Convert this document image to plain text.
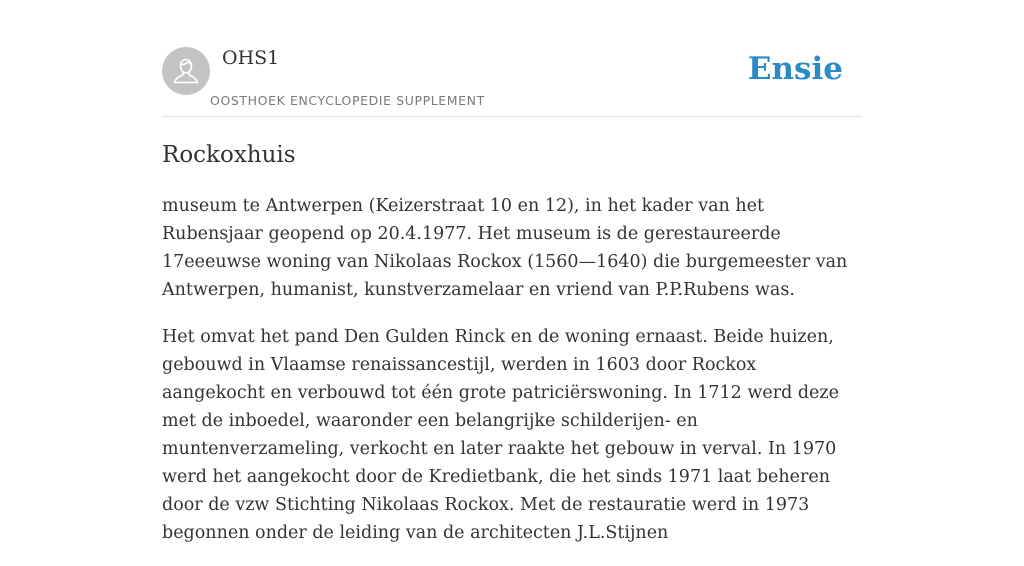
OHS1
OOSTHOEK ENCYCLOPEDIE SUPPLEMENT
Ensie
Rockoxhuis

museum te Antwerpen (Keizerstraat 10 en 12), in het kader van het Rubensjaar geopend op 20.4.1977. Het museum is de gerestaureerde 17eeeuwse woning van Nikolaas Rockox (1560—1640) die burgemeester van Antwerpen, humanist, kunstverzamelaar en vriend van P.P.Rubens was.

Het omvat het pand Den Gulden Rinck en de woning ernaast. Beide huizen, gebouwd in Vlaamse renaissancestijl, werden in 1603 door Rockox aangekocht en verbouwd tot één grote patriciërswoning. In 1712 werd deze met de inboedel, waaronder een belangrijke schilderijen- en muntenverzameling, verkocht en later raakte het gebouw in verval. In 1970 werd het aangekocht door de Kredietbank, die het sinds 1971 laat beheren door de vzw Stichting Nikolaas Rockox. Met de restauratie werd in 1973 begonnen onder de leiding van de architecten J.L.Stijnen
